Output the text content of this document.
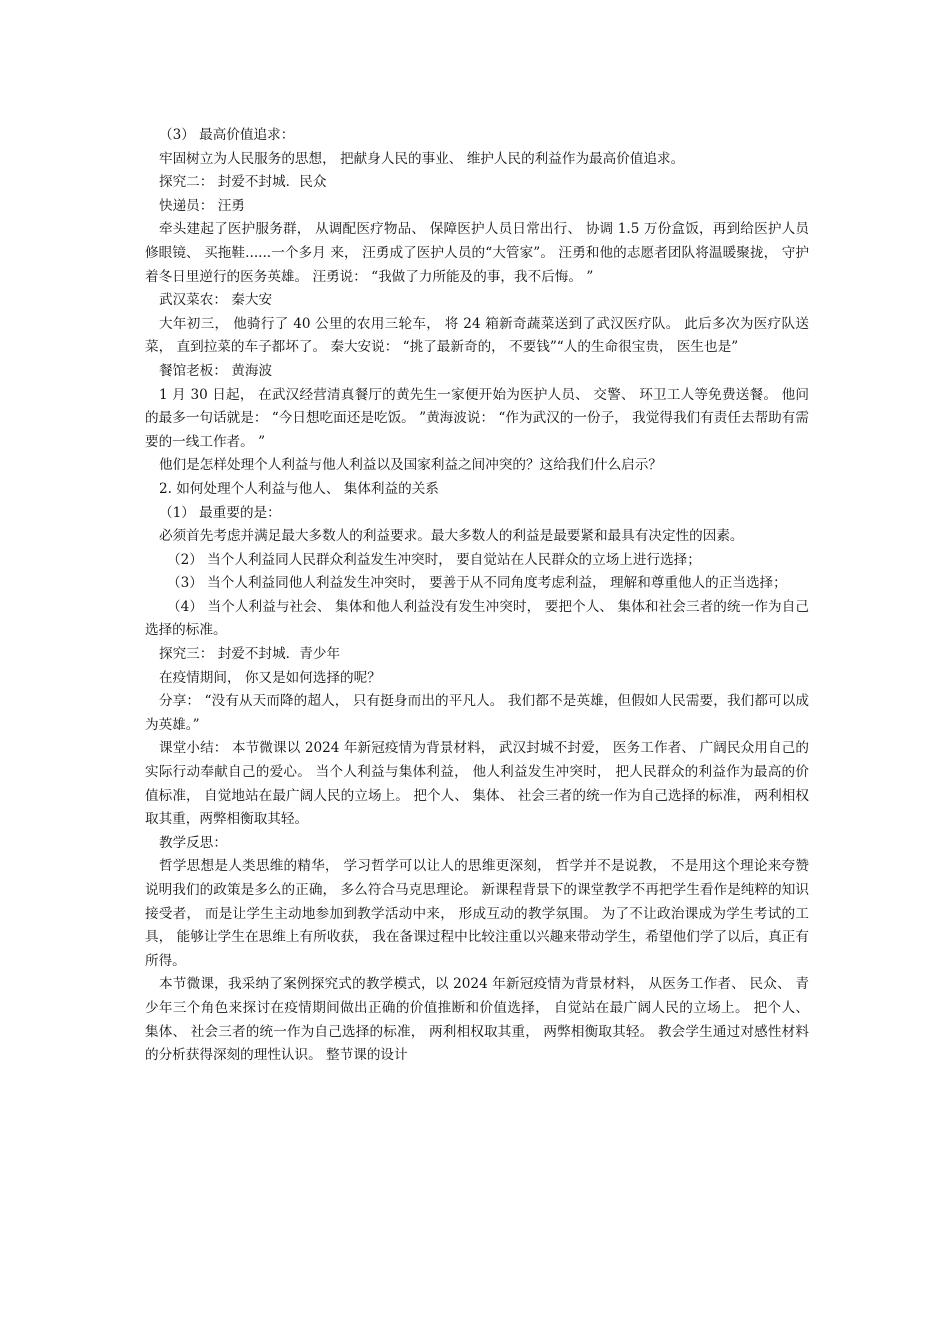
（3） 最高价值追求：

牢固树立为人民服务的思想， 把献身人民的事业、 维护人民的利益作为最高价值追求。

探究二： 封爱不封城．民众

快递员： 汪勇

牵头建起了医护服务群， 从调配医疗物品、 保障医护人员日常出行、 协调 1.5 万份盒饭，再到给医护人员修眼镜、 买拖鞋......一个多月 来， 汪勇成了医护人员的“大管家”。 汪勇和他的志愿者团队将温暖聚拢， 守护着冬日里逆行的医务英雄。 汪勇说： “我做了力所能及的事，我不后悔。 ”

武汉菜农： 秦大安

大年初三， 他骑行了 40 公里的农用三轮车， 将 24 箱新奇蔬菜送到了武汉医疗队。 此后多次为医疗队送菜， 直到拉菜的车子都坏了。 秦大安说： “挑了最新奇的， 不要钱”“人的生命很宝贵， 医生也是”

餐馆老板： 黄海波

1 月 30 日起， 在武汉经营清真餐厅的黄先生一家便开始为医护人员、 交警、 环卫工人等免费送餐。 他问的最多一句话就是： “今日想吃面还是吃饭。 ”黄海波说： “作为武汉的一份子， 我觉得我们有责任去帮助有需要的一线工作者。 ”

他们是怎样处理个人利益与他人利益以及国家利益之间冲突的？这给我们什么启示？

2. 如何处理个人利益与他人、 集体利益的关系

（1） 最重要的是：

必须首先考虑并满足最大多数人的利益要求。最大多数人的利益是最要紧和最具有决定性的因素。

（2） 当个人利益同人民群众利益发生冲突时， 要自觉站在人民群众的立场上进行选择；

（3） 当个人利益同他人利益发生冲突时， 要善于从不同角度考虑利益， 理解和尊重他人的正当选择；

（4） 当个人利益与社会、 集体和他人利益没有发生冲突时， 要把个人、 集体和社会三者的统一作为自己选择的标准。

探究三： 封爱不封城．青少年

在疫情期间， 你又是如何选择的呢？

分享： “没有从天而降的超人， 只有挺身而出的平凡人。 我们都不是英雄，但假如人民需要，我们都可以成为英雄。”

课堂小结： 本节微课以 2024 年新冠疫情为背景材料， 武汉封城不封爱， 医务工作者、 广阔民众用自己的实际行动奉献自己的爱心。 当个人利益与集体利益， 他人利益发生冲突时， 把人民群众的利益作为最高的价值标准， 自觉地站在最广阔人民的立场上。 把个人、 集体、 社会三者的统一作为自己选择的标准， 两利相权取其重，两弊相衡取其轻。

教学反思：

哲学思想是人类思维的精华， 学习哲学可以让人的思维更深刻， 哲学并不是说教， 不是用这个理论来夸赞说明我们的政策是多么的正确， 多么符合马克思理论。 新课程背景下的课堂教学不再把学生看作是纯粹的知识接受者， 而是让学生主动地参加到教学活动中来， 形成互动的教学氛围。 为了不让政治课成为学生考试的工具， 能够让学生在思维上有所收获， 我在备课过程中比较注重以兴趣来带动学生，希望他们学了以后，真正有所得。

本节微课，我采纳了案例探究式的教学模式，以 2024 年新冠疫情为背景材料， 从医务工作者、 民众、 青少年三个角色来探讨在疫情期间做出正确的价值推断和价值选择， 自觉站在最广阔人民的立场上。 把个人、 集体、 社会三者的统一作为自己选择的标准， 两利相权取其重， 两弊相衡取其轻。 教会学生通过对感性材料的分析获得深刻的理性认识。 整节课的设计
